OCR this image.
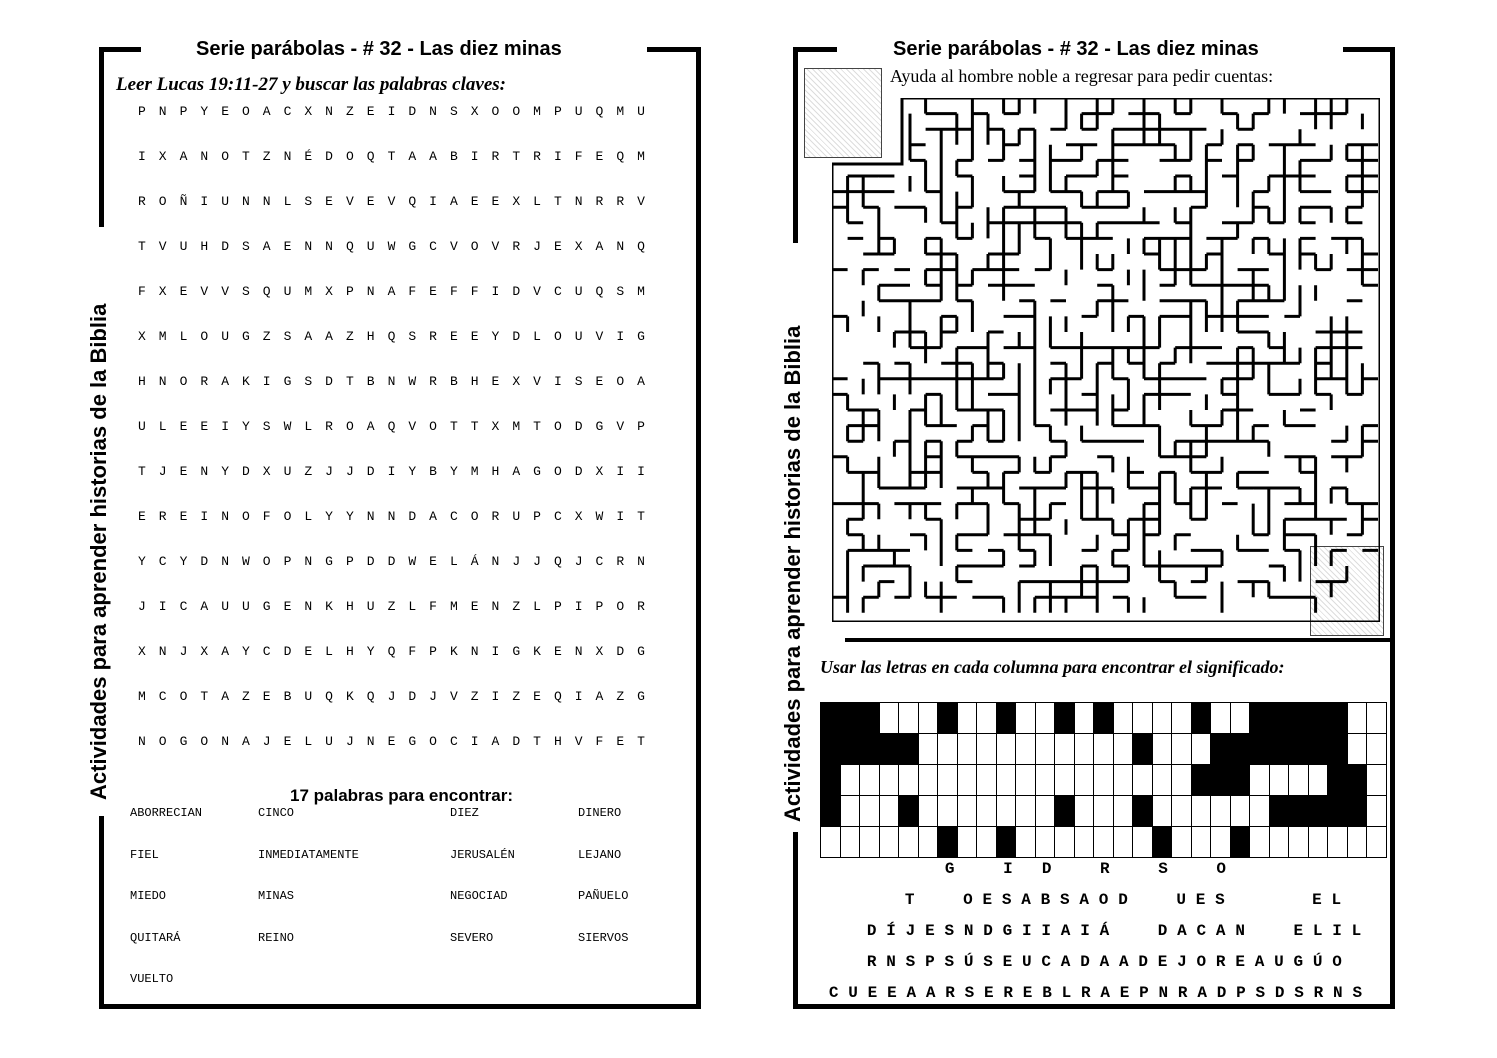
Serie parábolas - # 32 - Las diez minas
Actividades para aprender historias de la Biblia
Leer Lucas 19:11-27 y buscar las palabras claves:
P N P Y E O A C X N Z E I D N S X O O M P U Q M U
I X A N O T Z N É D O Q T A A B I R T R I F E Q M
R O Ñ I U N N L S E V E V Q I A E E X L T N R R V
T V U H D S A E N N Q U W G C V O V R J E X A N Q
F X E V V S Q U M X P N A F E F F I D V C U Q S M
X M L O U G Z S A A Z H Q S R E E Y D L O U V I G
H N O R A K I G S D T B N W R B H E X V I S E O A
U L E E I Y S W L R O A Q V O T T X M T O D G V P
T J E N Y D X U Z J J D I Y B Y M H A G O D X I I
E R E I N O F O L Y Y N N D A C O R U P C X W I T
Y C Y D N W O P N G P D D W E L Á N J J Q J C R N
J I C A U U G E N K H U Z L F M E N Z L P I P O R
X N J X A Y C D E L H Y Q F P K N I G K E N X D G
M C O T A Z E B U Q K Q J D J V Z I Z E Q I A Z G
N O G O N A J E L U J N E G O C I A D T H V F E T
17 palabras para encontrar:
ABORRECIAN	CINCO	DIEZ	DINERO
FIEL	INMEDIATAMENTE	JERUSALÉN	LEJANO
MIEDO	MINAS	NEGOCIAD	PAÑUELO
QUITARÁ	REINO	SEVERO	SIERVOS
VUELTO
Serie parábolas - # 32 - Las diez minas
Actividades para aprender historias de la Biblia
Ayuda al hombre noble a regresar para pedir cuentas:
Usar las letras en cada columna para encontrar el significado:

G	I D	R	S	O
T	O E S A B S A O D	U E S	E L
D Í J E S N D G I I A I Á	D A C A N	E L I L
R N S P S Ú S E U C A D A A D E J O R E A U G Ú O
C U E E A A R S E R E B L R A E P N R A D P S D S R N S
